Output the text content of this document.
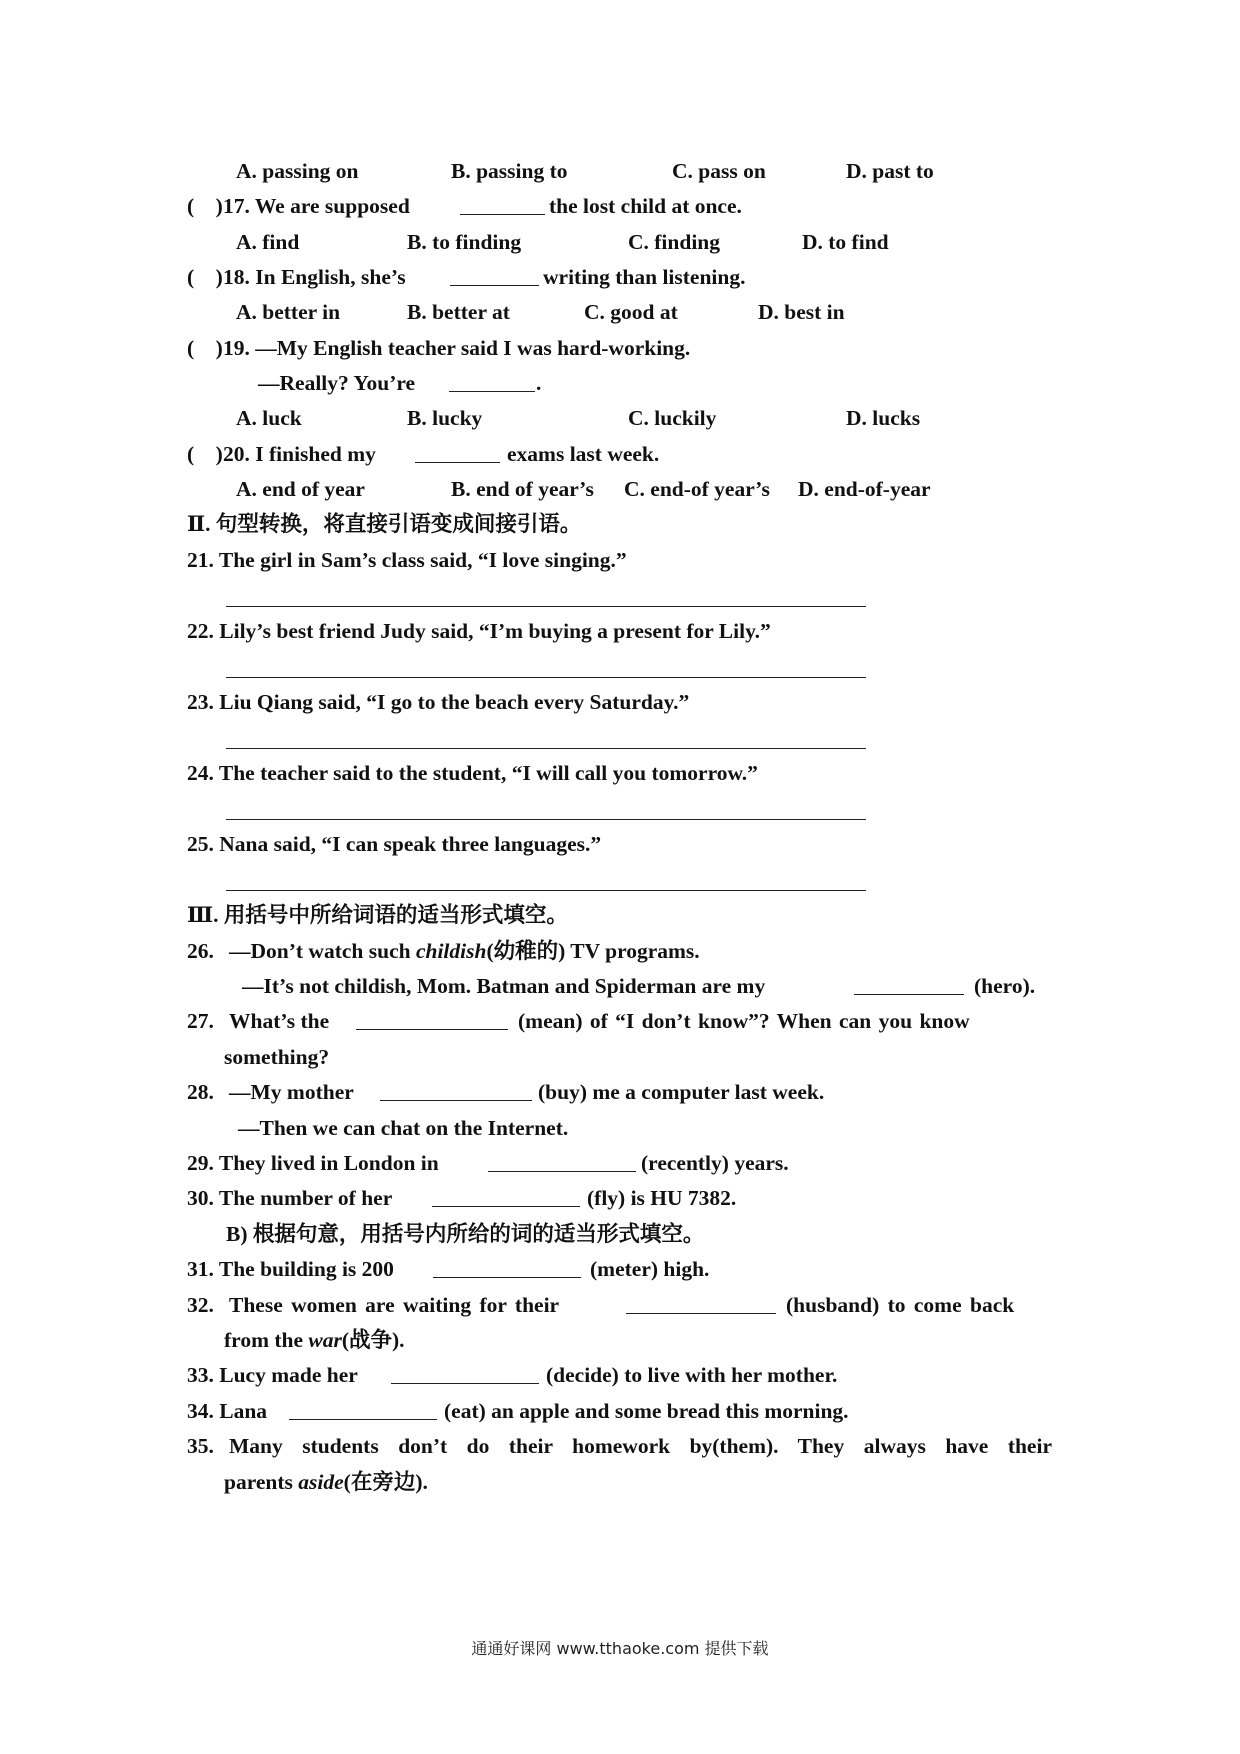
A. passing on	B. passing to	C. pass on	D. past to
(    ) 17. We are supposed	the lost child at once.
A. find	B. to finding	C. finding	D. to find
(    ) 18. In English, she’s	writing than listening.
A. better in	B. better at	C. good at	D. best in
(    ) 19. —My English teacher said I was hard-working.
—Really? You’re	.
A. luck	B. lucky	C. luckily	D. lucks
(    ) 20. I finished my	exams last week.
A. end of year	B. end of year’s C. end-of year’s D. end-of-year
Ⅱ. 句型转换，将直接引语变成间接引语。
21. The girl in Sam’s class said, “I love singing.”
22. Lily’s best friend Judy said, “I’m buying a present for Lily.”
23. Liu Qiang said, “I go to the beach every Saturday.”
24. The teacher said to the student, “I will call you tomorrow.”
25. Nana said, “I can speak three languages.”
Ⅲ. 用括号中所给词语的适当形式填空。
26. —Don’t watch such childish(幼稚的) TV programs.
—It’s not childish, Mom. Batman and Spiderman are my	(hero).
27. What’s the	(mean) of “I don’t know”? When can you know
something?
28. —My mother	(buy) me a computer last week.
—Then we can chat on the Internet.
29. They lived in London in	(recently) years.
30. The number of her	(fly) is HU 7382.
B) 根据句意，用括号内所给的词的适当形式填空。
31. The building is 200	(meter) high.
32. These women are waiting for their	(husband) to come back
from the war(战争).
33. Lucy made her	(decide) to live with her mother.
34. Lana	(eat) an apple and some bread this morning.
35. Many students don’t do their homework by(them). They always have their
parents aside(在旁边).
通通好课网 www.tthaoke.com 提供下载
